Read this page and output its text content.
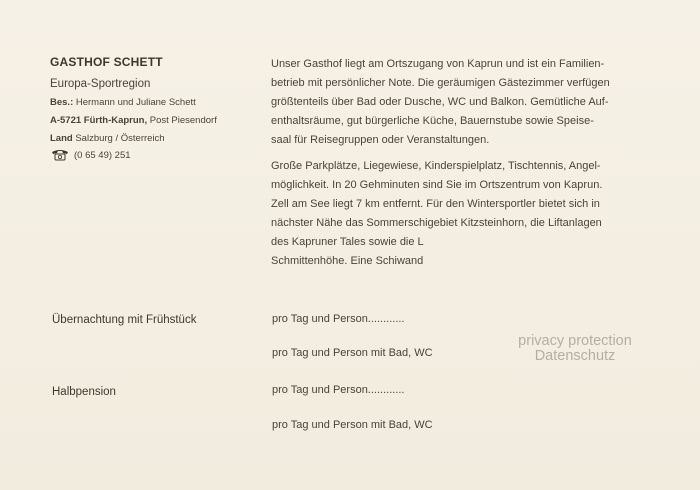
GASTHOF SCHETT
Europa-Sportregion
Bes.: Hermann und Juliane Schett
A-5721 Fürth-Kaprun, Post Piesendorf
Land Salzburg / Österreich
(0 65 49) 251
Unser Gasthof liegt am Ortszugang von Kaprun und ist ein Familien-
betrieb mit persönlicher Note. Die geräumigen Gästezimmer verfügen
größtenteils über Bad oder Dusche, WC und Balkon. Gemütliche Auf-
enthaltsräume, gut bürgerliche Küche, Bauernstube sowie Speise-
saal für Reisegruppen oder Veranstaltungen.
Große Parkplätze, Liegewiese, Kinderspielplatz, Tischtennis, Angel-
möglichkeit. In 20 Gehminuten sind Sie im Ortszentrum von Kaprun.
Zell am See liegt 7 km entfernt. Für den Wintersportler bietet sich in
nächster Nähe das Sommerschigebiet Kitzsteinhorn, die Liftanlagen
des Kapruner Tales sowie die L
Schmittenhöhe. Eine Schiwand
Übernachtung mit Frühstück
Halbpension
pro Tag und Person............
pro Tag und Person mit Bad, WC
pro Tag und Person............
pro Tag und Person mit Bad, WC
privacy protection
Datenschutz
